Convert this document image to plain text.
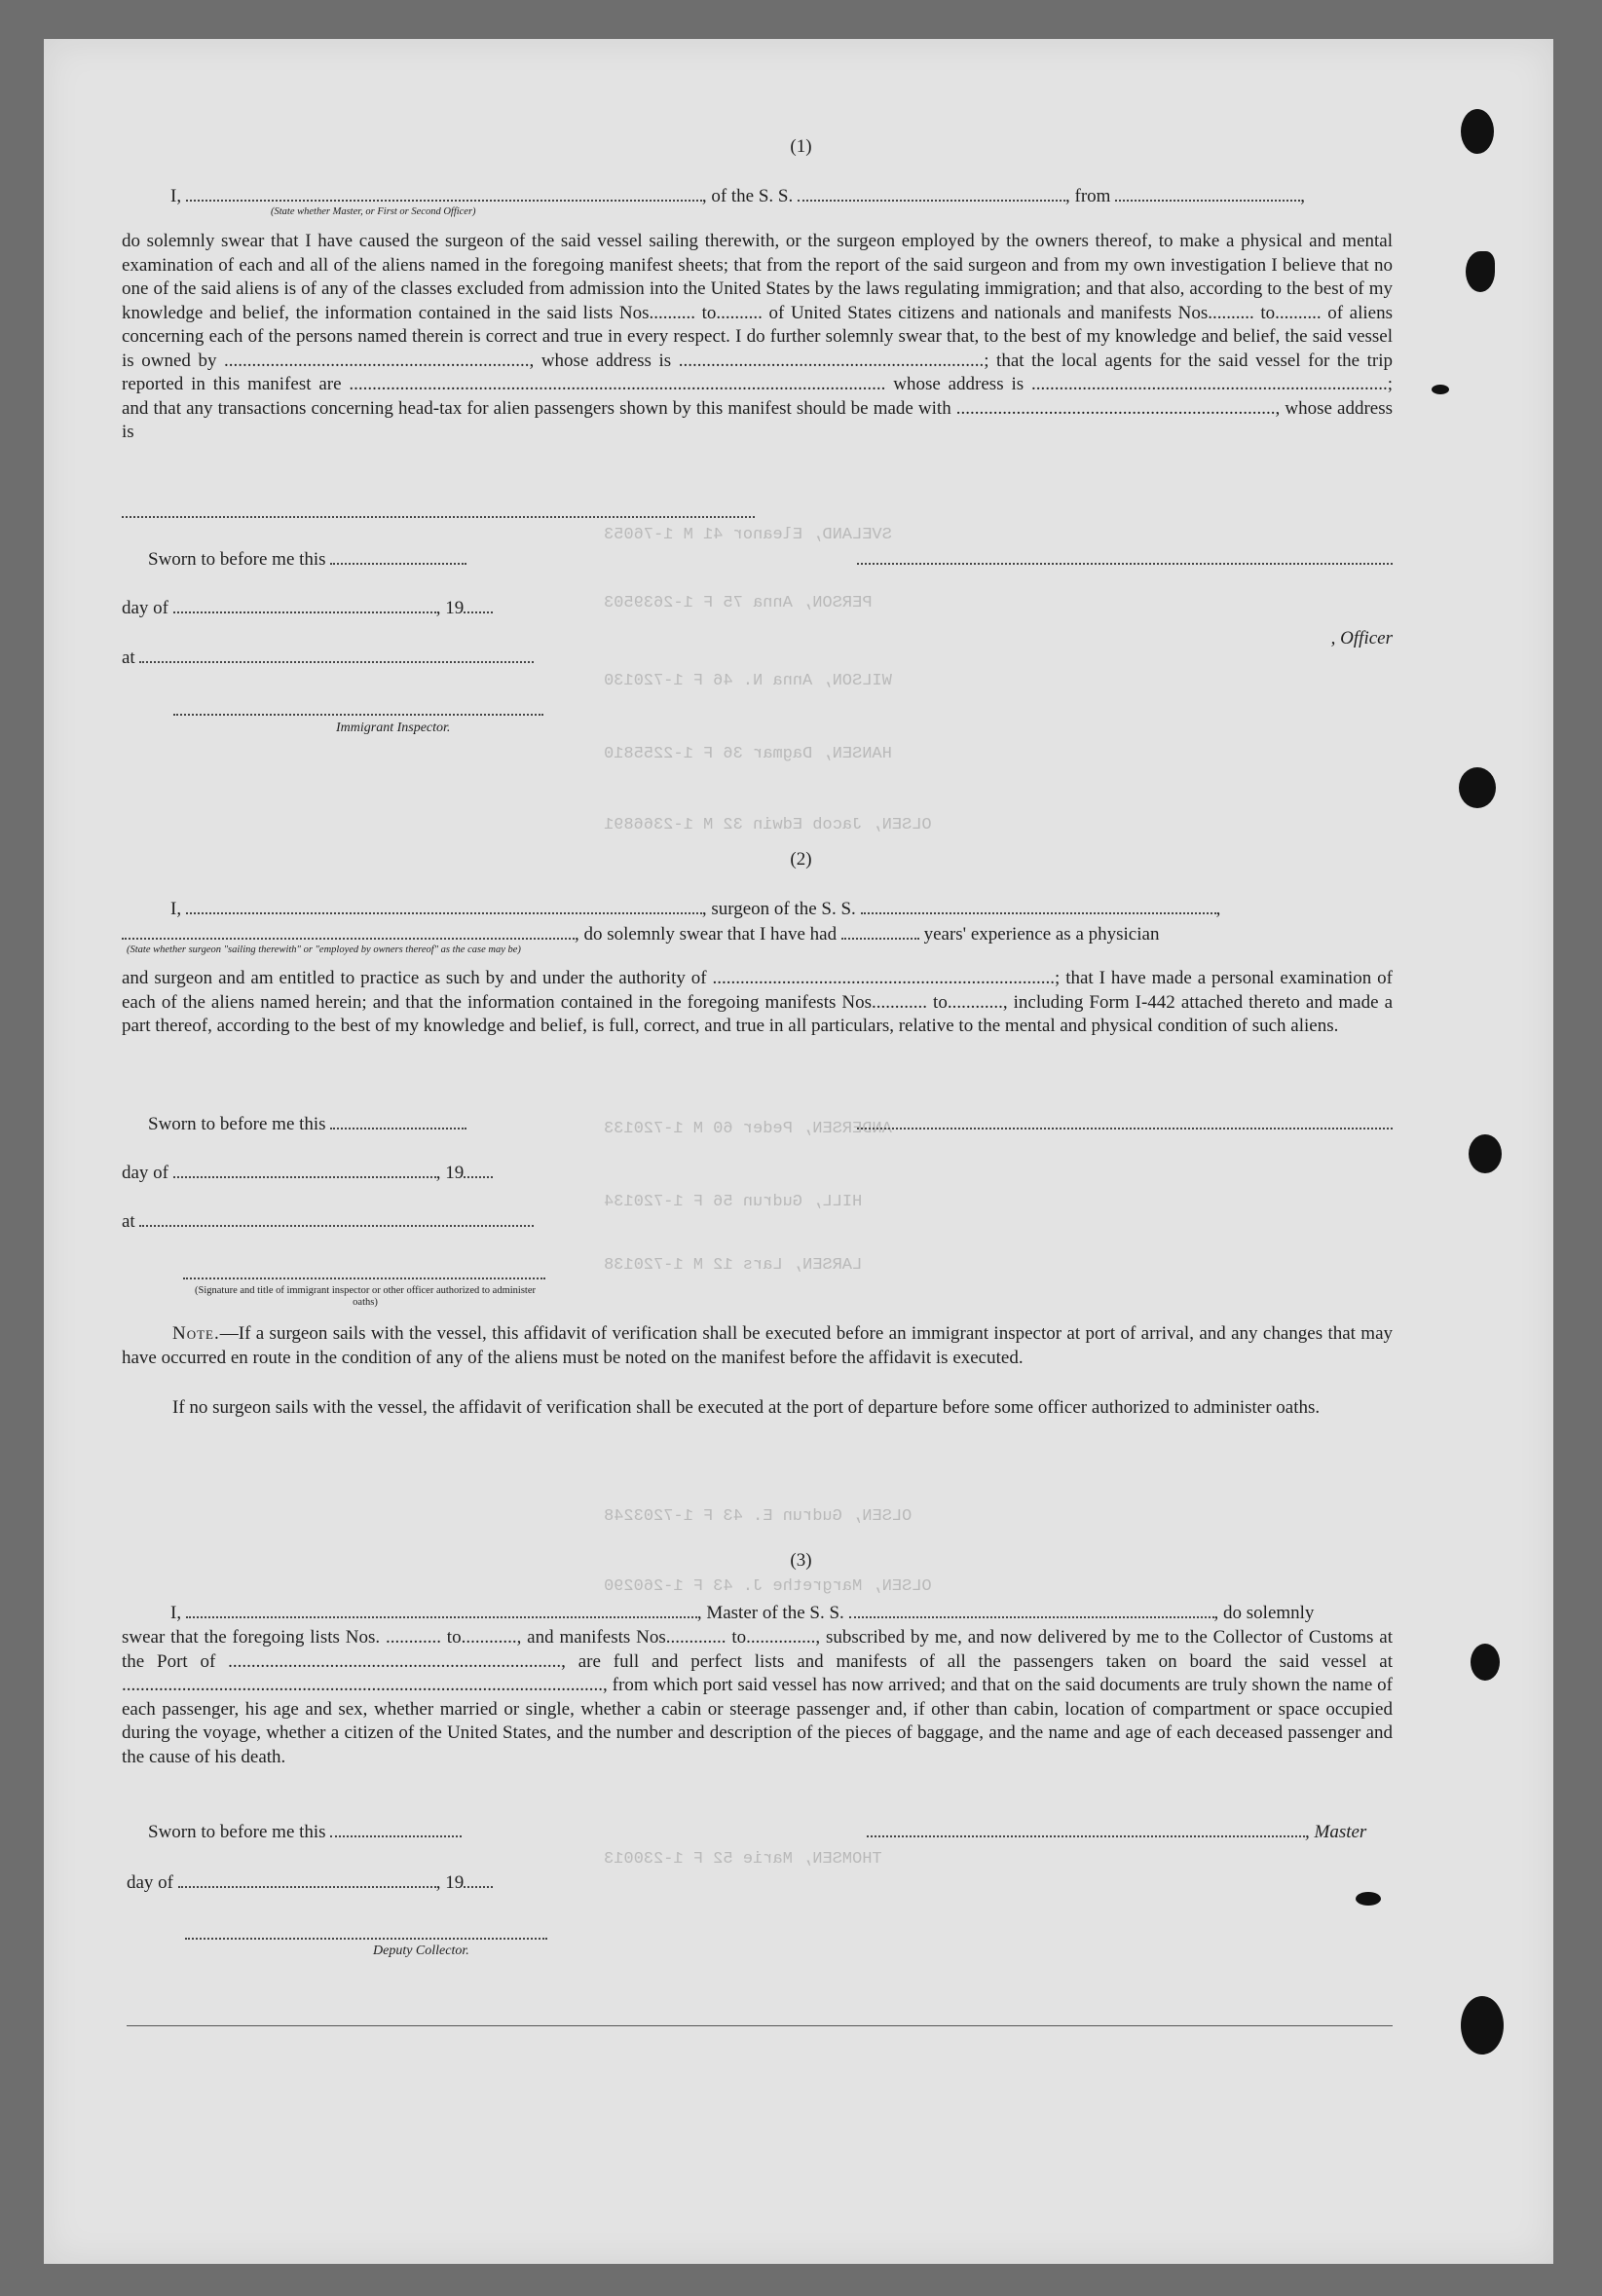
SVELAND, Eleanor 41 M 1-76053
PERSON, Anna 75 F 1-2639503
WILSON, Anna N. 46 F 1-720130
HANSEN, Dagmar 36 F 1-2255810
OLSEN, Jacob Edwin 32 M 1-2366891
ANDERSEN, Peder 60 M 1-720133
HILL, Gudrun 56 F 1-720134
LARSEN, Lars 12 M 1-720138
OLSEN, Gudrun E. 43 F 1-7203248
OLSEN, Margrethe J. 43 F 1-260290
THOMSEN, Marie 52 F 1-230013
(1)
I,	, of the S. S.	, from	,
(State whether Master, or First or Second Officer)
do solemnly swear that I have caused the surgeon of the said vessel sailing therewith, or the surgeon employed by the owners thereof, to make a physical and mental examination of each and all of the aliens named in the foregoing manifest sheets; that from the report of the said surgeon and from my own investigation I believe that no one of the said aliens is of any of the classes excluded from admission into the United States by the laws regulating immigration; and that also, according to the best of my knowledge and belief, the information contained in the said lists Nos.......... to.......... of United States citizens and nationals and manifests Nos.......... to.......... of aliens concerning each of the persons named therein is correct and true in every respect. I do further solemnly swear that, to the best of my knowledge and belief, the said vessel is owned by .................................................................., whose address is ..................................................................; that the local agents for the said vessel for the trip reported in this manifest are .................................................................................................................... whose address is .............................................................................; and that any transactions concerning head-tax for alien passengers shown by this manifest should be made with ....................................................................., whose address is
Sworn to before me this
day of	, 19
, Officer
at
Immigrant Inspector.
(2)
I,	, surgeon of the S. S.	,
, do solemnly swear that I have had	years' experience as a physician
(State whether surgeon "sailing therewith" or "employed by owners thereof" as the case may be)
and surgeon and am entitled to practice as such by and under the authority of ..........................................................................; that I have made a personal examination of each of the aliens named herein; and that the information contained in the foregoing manifests Nos............ to............, including Form I-442 attached thereto and made a part thereof, according to the best of my knowledge and belief, is full, correct, and true in all particulars, relative to the mental and physical condition of such aliens.
Sworn to before me this
day of	, 19
at
(Signature and title of immigrant inspector or other officer authorized to administer oaths)
Note.—If a surgeon sails with the vessel, this affidavit of verification shall be executed before an immigrant inspector at port of arrival, and any changes that may have occurred en route in the condition of any of the aliens must be noted on the manifest before the affidavit is executed.
If no surgeon sails with the vessel, the affidavit of verification shall be executed at the port of departure before some officer authorized to administer oaths.
(3)
I,	, Master of the S. S.	, do solemnly
swear that the foregoing lists Nos. ............ to............, and manifests Nos............. to..............., subscribed by me, and now delivered by me to the Collector of Customs at the Port of ........................................................................, are full and perfect lists and manifests of all the passengers taken on board the said vessel at ........................................................................................................, from which port said vessel has now arrived; and that on the said documents are truly shown the name of each passenger, his age and sex, whether married or single, whether a cabin or steerage passenger and, if other than cabin, location of compartment or space occupied during the voyage, whether a citizen of the United States, and the number and description of the pieces of baggage, and the name and age of each deceased passenger and the cause of his death.
Sworn to before me this	, Master
day of	, 19
Deputy Collector.
